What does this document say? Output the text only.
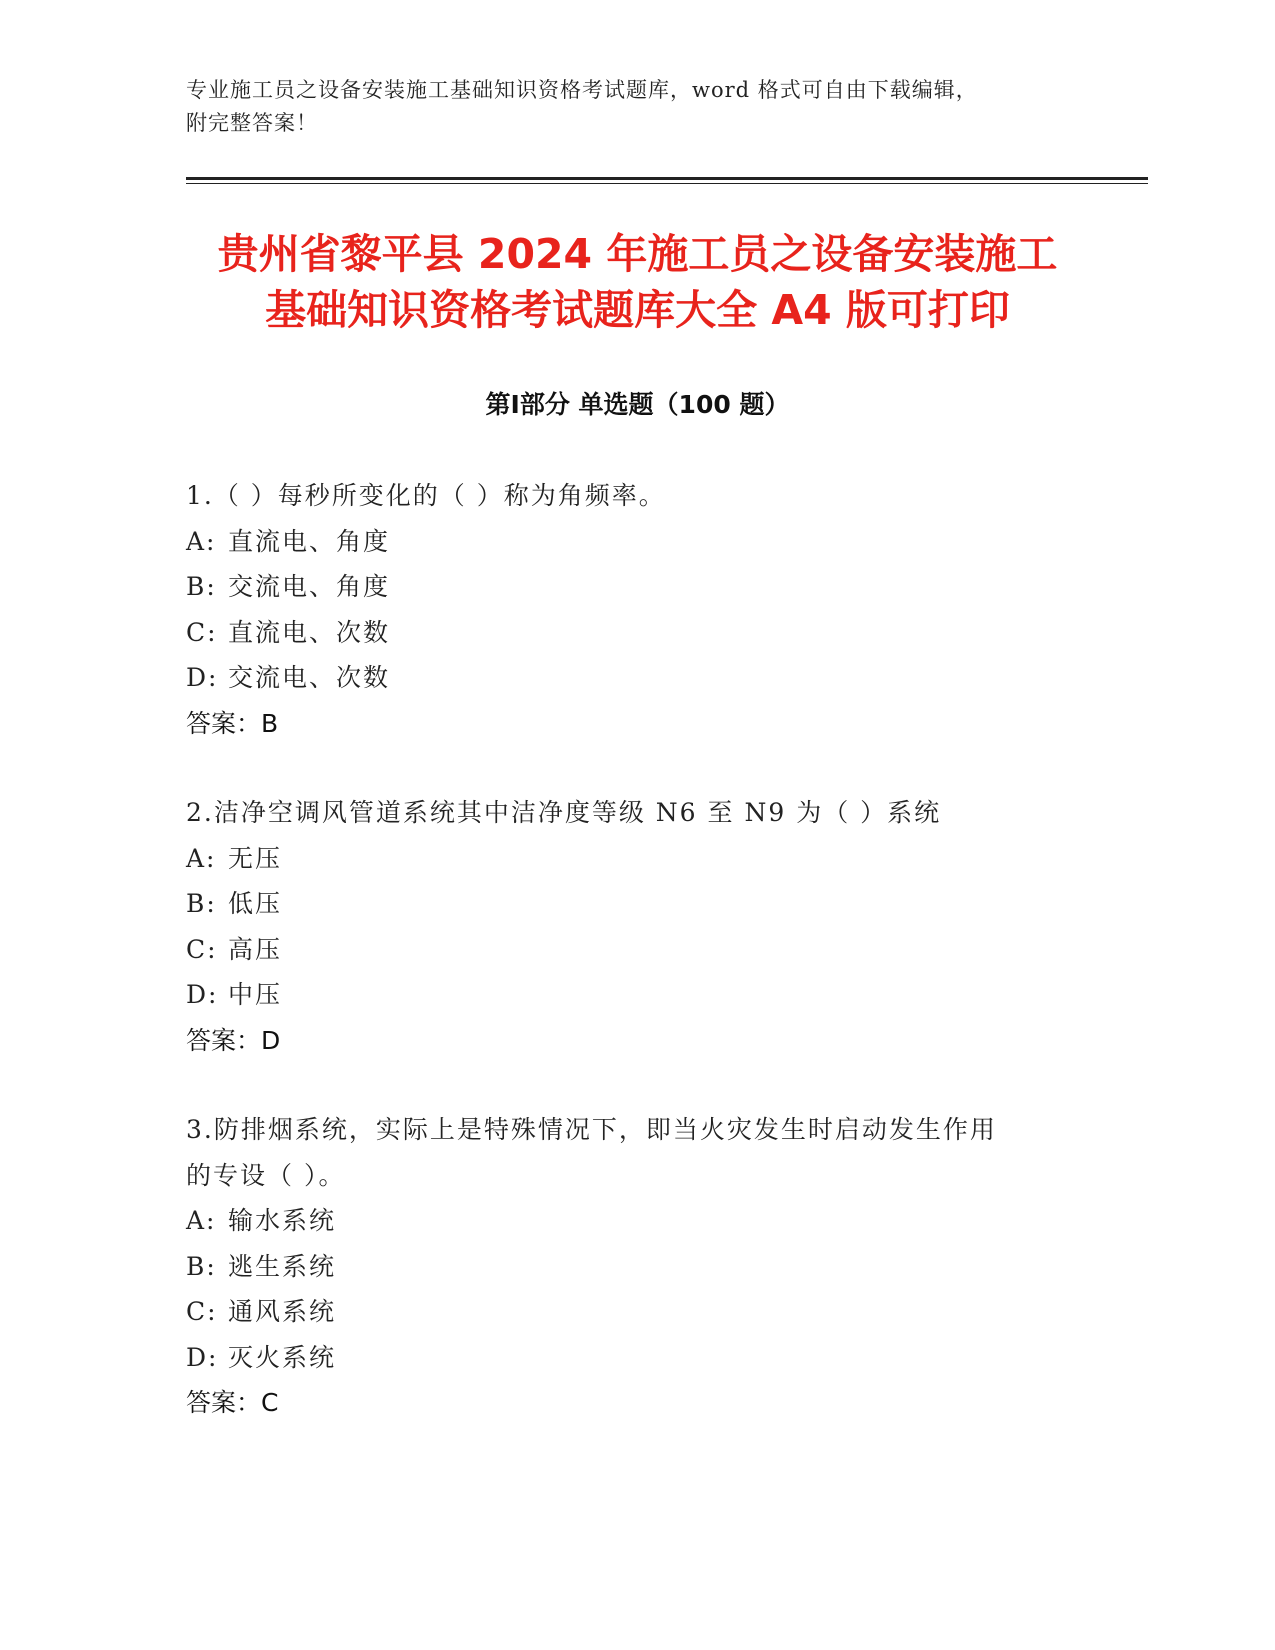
专业施工员之设备安装施工基础知识资格考试题库，word 格式可自由下载编辑，
附完整答案！
贵州省黎平县 2024 年施工员之设备安装施工
基础知识资格考试题库大全 A4 版可打印
第Ⅰ部分 单选题（100 题）
1.（ ）每秒所变化的（ ）称为角频率。
A: 直流电、角度
B: 交流电、角度
C: 直流电、次数
D: 交流电、次数
答案：B
2.洁净空调风管道系统其中洁净度等级 N6 至 N9 为（ ）系统
A: 无压
B: 低压
C: 高压
D: 中压
答案：D
3.防排烟系统，实际上是特殊情况下，即当火灾发生时启动发生作用
的专设（ ）。
A: 输水系统
B: 逃生系统
C: 通风系统
D: 灭火系统
答案：C
